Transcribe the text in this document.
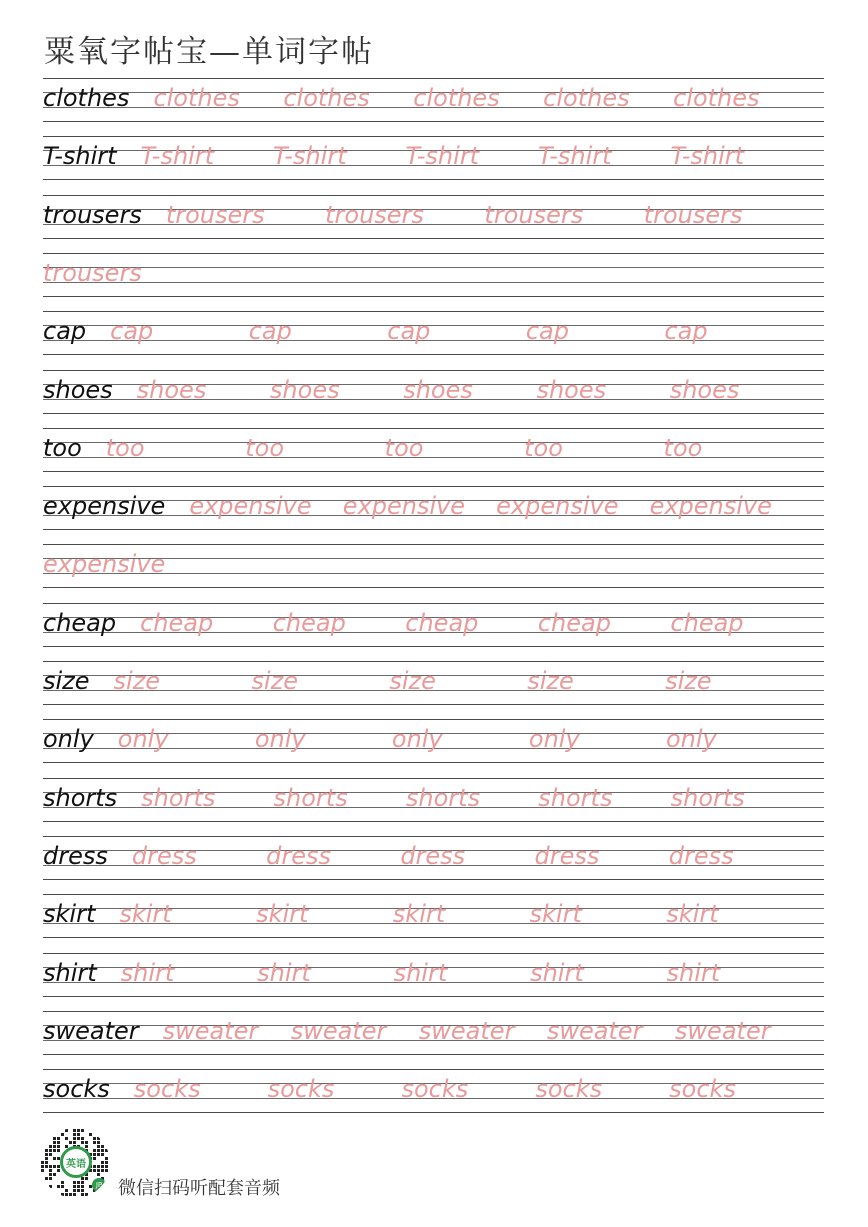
粟氧字帖宝—单词字帖
clothes clothes clothes clothes clothes clothes
T-shirt T-shirt T-shirt T-shirt T-shirt T-shirt
trousers trousers	trousers	trousers	trousers
trousers
cap cap	cap	cap	cap	cap
shoes shoes	shoes	shoes	shoes	shoes
too too	too	too	too	too
expensive expensive expensive expensive expensive
expensive
cheap cheap cheap cheap cheap cheap
size size	size	size	size	size
only only	only	only	only	only
shorts shorts shorts shorts shorts shorts
dress dress	dress	dress	dress	dress
skirt skirt	skirt	skirt	skirt	skirt
shirt shirt	shirt	shirt	shirt	shirt
sweater sweater sweater sweater sweater sweater
socks socks	socks	socks	socks	socks
英语
JP 微信扫码听配套音频
